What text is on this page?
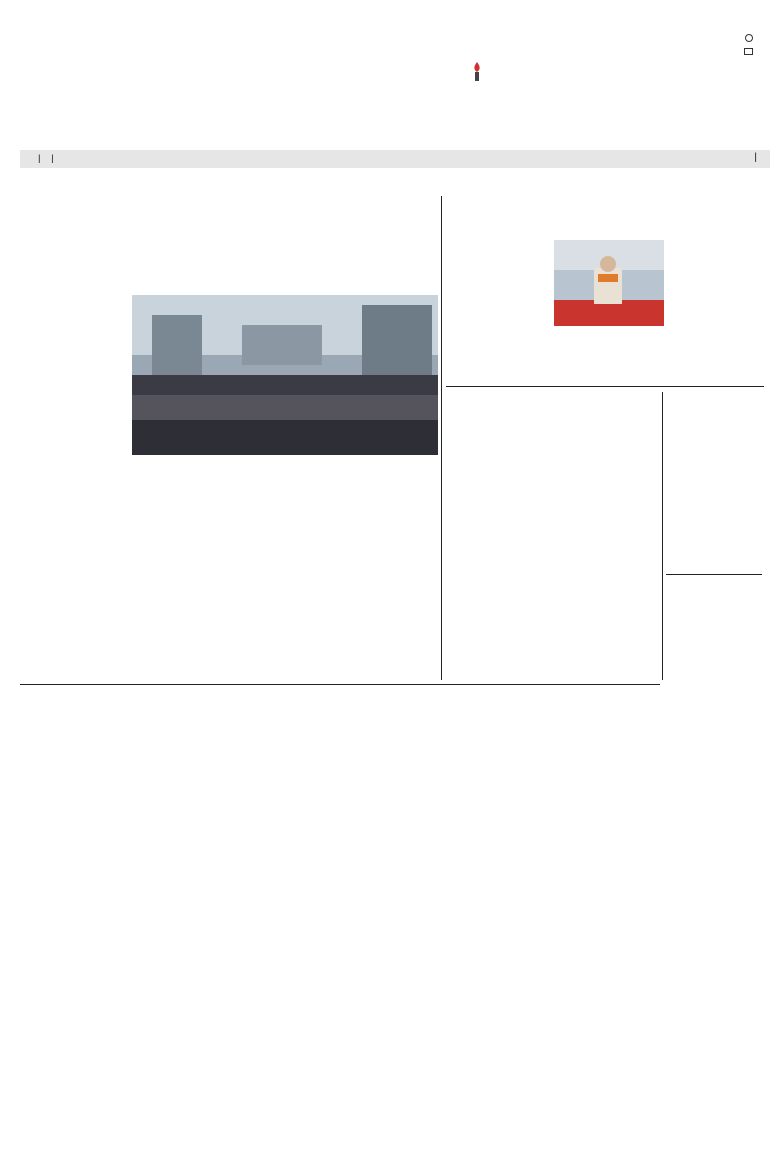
| |	|
